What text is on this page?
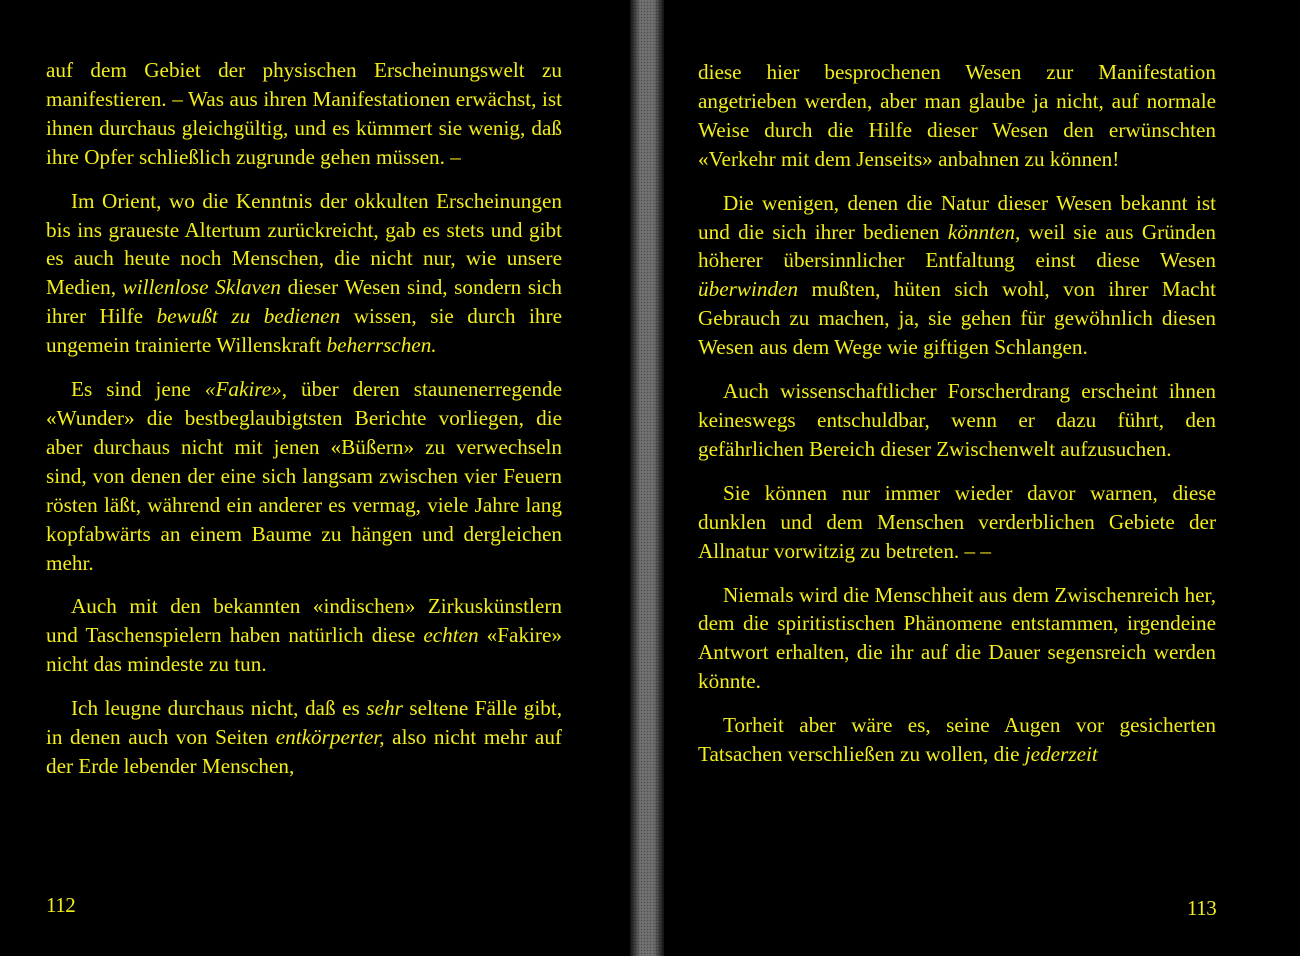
auf dem Gebiet der physischen Erscheinungswelt zu manifestieren. – Was aus ihren Manifestationen erwächst, ist ihnen durchaus gleichgültig, und es kümmert sie wenig, daß ihre Opfer schließlich zugrunde gehen müssen. –

Im Orient, wo die Kenntnis der okkulten Erscheinungen bis ins graueste Altertum zurückreicht, gab es stets und gibt es auch heute noch Menschen, die nicht nur, wie unsere Medien, willenlose Sklaven dieser Wesen sind, sondern sich ihrer Hilfe bewußt zu bedienen wissen, sie durch ihre ungemein trainierte Willenskraft beherrschen.

Es sind jene «Fakire», über deren staunenerregende «Wunder» die bestbeglaubigtsten Berichte vorliegen, die aber durchaus nicht mit jenen «Büßern» zu verwechseln sind, von denen der eine sich langsam zwischen vier Feuern rösten läßt, während ein anderer es vermag, viele Jahre lang kopfabwärts an einem Baume zu hängen und dergleichen mehr.

Auch mit den bekannten «indischen» Zirkuskünstlern und Taschenspielern haben natürlich diese echten «Fakire» nicht das mindeste zu tun.

Ich leugne durchaus nicht, daß es sehr seltene Fälle gibt, in denen auch von Seiten entkörperter, also nicht mehr auf der Erde lebender Menschen,

112

diese hier besprochenen Wesen zur Manifestation angetrieben werden, aber man glaube ja nicht, auf normale Weise durch die Hilfe dieser Wesen den erwünschten «Verkehr mit dem Jenseits» anbahnen zu können!

Die wenigen, denen die Natur dieser Wesen bekannt ist und die sich ihrer bedienen könnten, weil sie aus Gründen höherer übersinnlicher Entfaltung einst diese Wesen überwinden mußten, hüten sich wohl, von ihrer Macht Gebrauch zu machen, ja, sie gehen für gewöhnlich diesen Wesen aus dem Wege wie giftigen Schlangen.

Auch wissenschaftlicher Forscherdrang erscheint ihnen keineswegs entschuldbar, wenn er dazu führt, den gefährlichen Bereich dieser Zwischenwelt aufzusuchen.

Sie können nur immer wieder davor warnen, diese dunklen und dem Menschen verderblichen Gebiete der Allnatur vorwitzig zu betreten. – –

Niemals wird die Menschheit aus dem Zwischenreich her, dem die spiritistischen Phänomene entstammen, irgendeine Antwort erhalten, die ihr auf die Dauer segensreich werden könnte.

Torheit aber wäre es, seine Augen vor gesicherten Tatsachen verschließen zu wollen, die jederzeit

113
